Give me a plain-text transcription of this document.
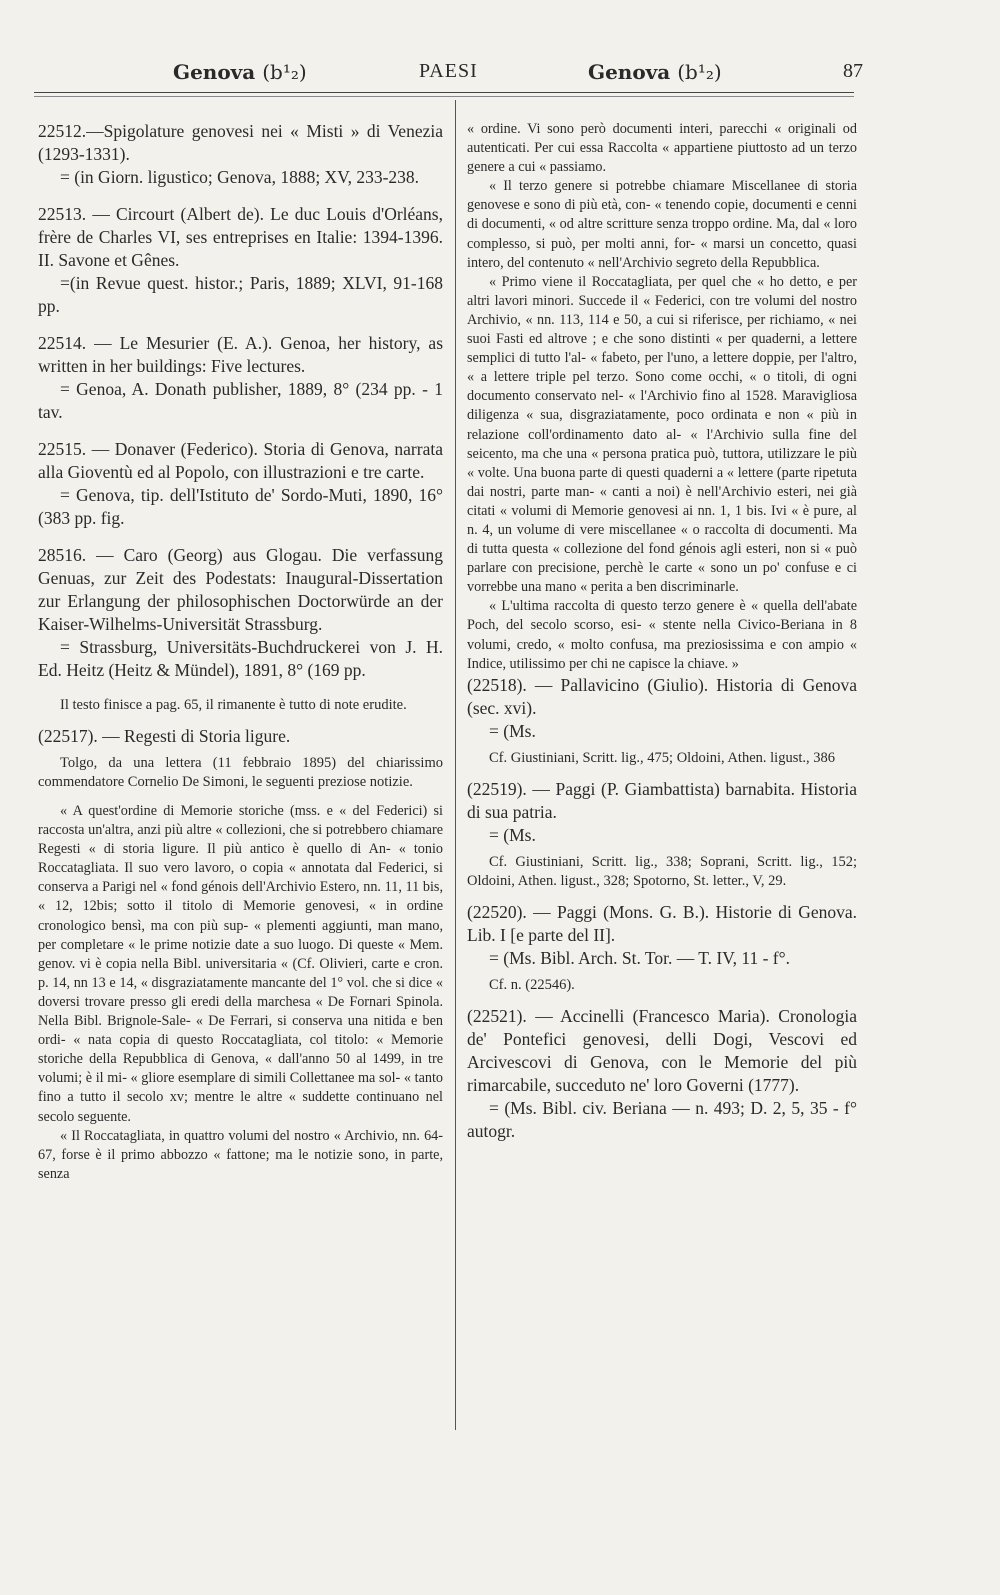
Genova (b¹₂)	PAESI	Genova (b¹₂)	87
22512.—Spigolature genovesi nei « Misti » di Venezia (1293-1331).
= (in Giorn. ligustico; Genova, 1888; XV, 233-238.
22513. — Circourt (Albert de). Le duc Louis d'Orléans, frère de Charles VI, ses entreprises en Italie: 1394-1396. II. Savone et Gênes.
=(in Revue quest. histor.; Paris, 1889; XLVI, 91-168 pp.
22514. — Le Mesurier (E. A.). Genoa, her history, as written in her buildings: Five lectures.
= Genoa, A. Donath publisher, 1889, 8° (234 pp. - 1 tav.
22515. — Donaver (Federico). Storia di Genova, narrata alla Gioventù ed al Popolo, con illustrazioni e tre carte.
= Genova, tip. dell'Istituto de' Sordo-Muti, 1890, 16° (383 pp. fig.
28516. — Caro (Georg) aus Glogau. Die verfassung Genuas, zur Zeit des Podestats: Inaugural-Dissertation zur Erlangung der philosophischen Doctorwürde an der Kaiser-Wilhelms-Universität Strassburg.
= Strassburg, Universitäts-Buchdruckerei von J. H. Ed. Heitz (Heitz & Mündel), 1891, 8° (169 pp.
Il testo finisce a pag. 65, il rimanente è tutto di note erudite.
(22517). — Regesti di Storia ligure.
Tolgo, da una lettera (11 febbraio 1895) del chiarissimo commendatore Cornelio De Simoni, le seguenti preziose notizie.

« A quest'ordine di Memorie storiche (mss. e « del Federici) si raccosta un'altra, anzi più altre « collezioni, che si potrebbero chiamare Regesti « di storia ligure. Il più antico è quello di An- « tonio Roccatagliata. Il suo vero lavoro, o copia « annotata dal Federici, si conserva a Parigi nel « fond génois dell'Archivio Estero, nn. 11, 11 bis, « 12, 12bis; sotto il titolo di Memorie genovesi, « in ordine cronologico bensì, ma con più sup- « plementi aggiunti, man mano, per completare « le prime notizie date a suo luogo. Di queste « Mem. genov. vi è copia nella Bibl. universitaria « (Cf. Olivieri, carte e cron. p. 14, nn 13 e 14, « disgraziatamente mancante del 1° vol. che si dice « doversi trovare presso gli eredi della marchesa « De Fornari Spinola. Nella Bibl. Brignole-Sale- « De Ferrari, si conserva una nitida e ben ordi- « nata copia di questo Roccatagliata, col titolo: « Memorie storiche della Repubblica di Genova, « dall'anno 50 al 1499, in tre volumi; è il mi- « gliore esemplare di simili Collettanee ma sol- « tanto fino a tutto il secolo xv; mentre le altre « suddette continuano nel secolo seguente.

« Il Roccatagliata, in quattro volumi del nostro « Archivio, nn. 64-67, forse è il primo abbozzo « fattone; ma le notizie sono, in parte, senza

« ordine. Vi sono però documenti interi, parecchi « originali od autenticati. Per cui essa Raccolta « appartiene piuttosto ad un terzo genere a cui « passiamo.

« Il terzo genere si potrebbe chiamare Miscellanee di storia genovese e sono di più età, con- « tenendo copie, documenti e cenni di documenti, « od altre scritture senza troppo ordine. Ma, dal « loro complesso, si può, per molti anni, for- « marsi un concetto, quasi intero, del contenuto « nell'Archivio segreto della Repubblica.

« Primo viene il Roccatagliata, per quel che « ho detto, e per altri lavori minori. Succede il « Federici, con tre volumi del nostro Archivio, « nn. 113, 114 e 50, a cui si riferisce, per richiamo, « nei suoi Fasti ed altrove ; e che sono distinti « per quaderni, a lettere semplici di tutto l'al- « fabeto, per l'uno, a lettere doppie, per l'altro, « a lettere triple pel terzo. Sono come occhi, « o titoli, di ogni documento conservato nel- « l'Archivio fino al 1528. Maravigliosa diligenza « sua, disgraziatamente, poco ordinata e non « più in relazione coll'ordinamento dato al- « l'Archivio sulla fine del seicento, ma che una « persona pratica può, tuttora, utilizzare le più « volte. Una buona parte di questi quaderni a « lettere (parte ripetuta dai nostri, parte man- « canti a noi) è nell'Archivio esteri, nei già citati « volumi di Memorie genovesi ai nn. 1, 1 bis. Ivi « è pure, al n. 4, un volume di vere miscellanee « o raccolta di documenti. Ma di tutta questa « collezione del fond génois agli esteri, non si « può parlare con precisione, perchè le carte « sono un po' confuse e ci vorrebbe una mano « perita a ben discriminarle.

« L'ultima raccolta di questo terzo genere è « quella dell'abate Poch, del secolo scorso, esi- « stente nella Civico-Beriana in 8 volumi, credo, « molto confusa, ma preziosissima e con ampio « Indice, utilissimo per chi ne capisce la chiave. »

(22518). — Pallavicino (Giulio). Historia di Genova (sec. xvi).
= (Ms.
Cf. Giustiniani, Scritt. lig., 475; Oldoini, Athen. ligust., 386
(22519). — Paggi (P. Giambattista) barnabita. Historia di sua patria.
= (Ms.
Cf. Giustiniani, Scritt. lig., 338; Soprani, Scritt. lig., 152; Oldoini, Athen. ligust., 328; Spotorno, St. letter., V, 29.
(22520). — Paggi (Mons. G. B.). Historie di Genova. Lib. I [e parte del II].
= (Ms. Bibl. Arch. St. Tor. — T. IV, 11 - f°.
Cf. n. (22546).
(22521). — Accinelli (Francesco Maria). Cronologia de' Pontefici genovesi, delli Dogi, Vescovi ed Arcivescovi di Genova, con le Memorie del più rimarcabile, succeduto ne' loro Governi (1777).
= (Ms. Bibl. civ. Beriana — n. 493; D. 2, 5, 35 - f° autogr.
